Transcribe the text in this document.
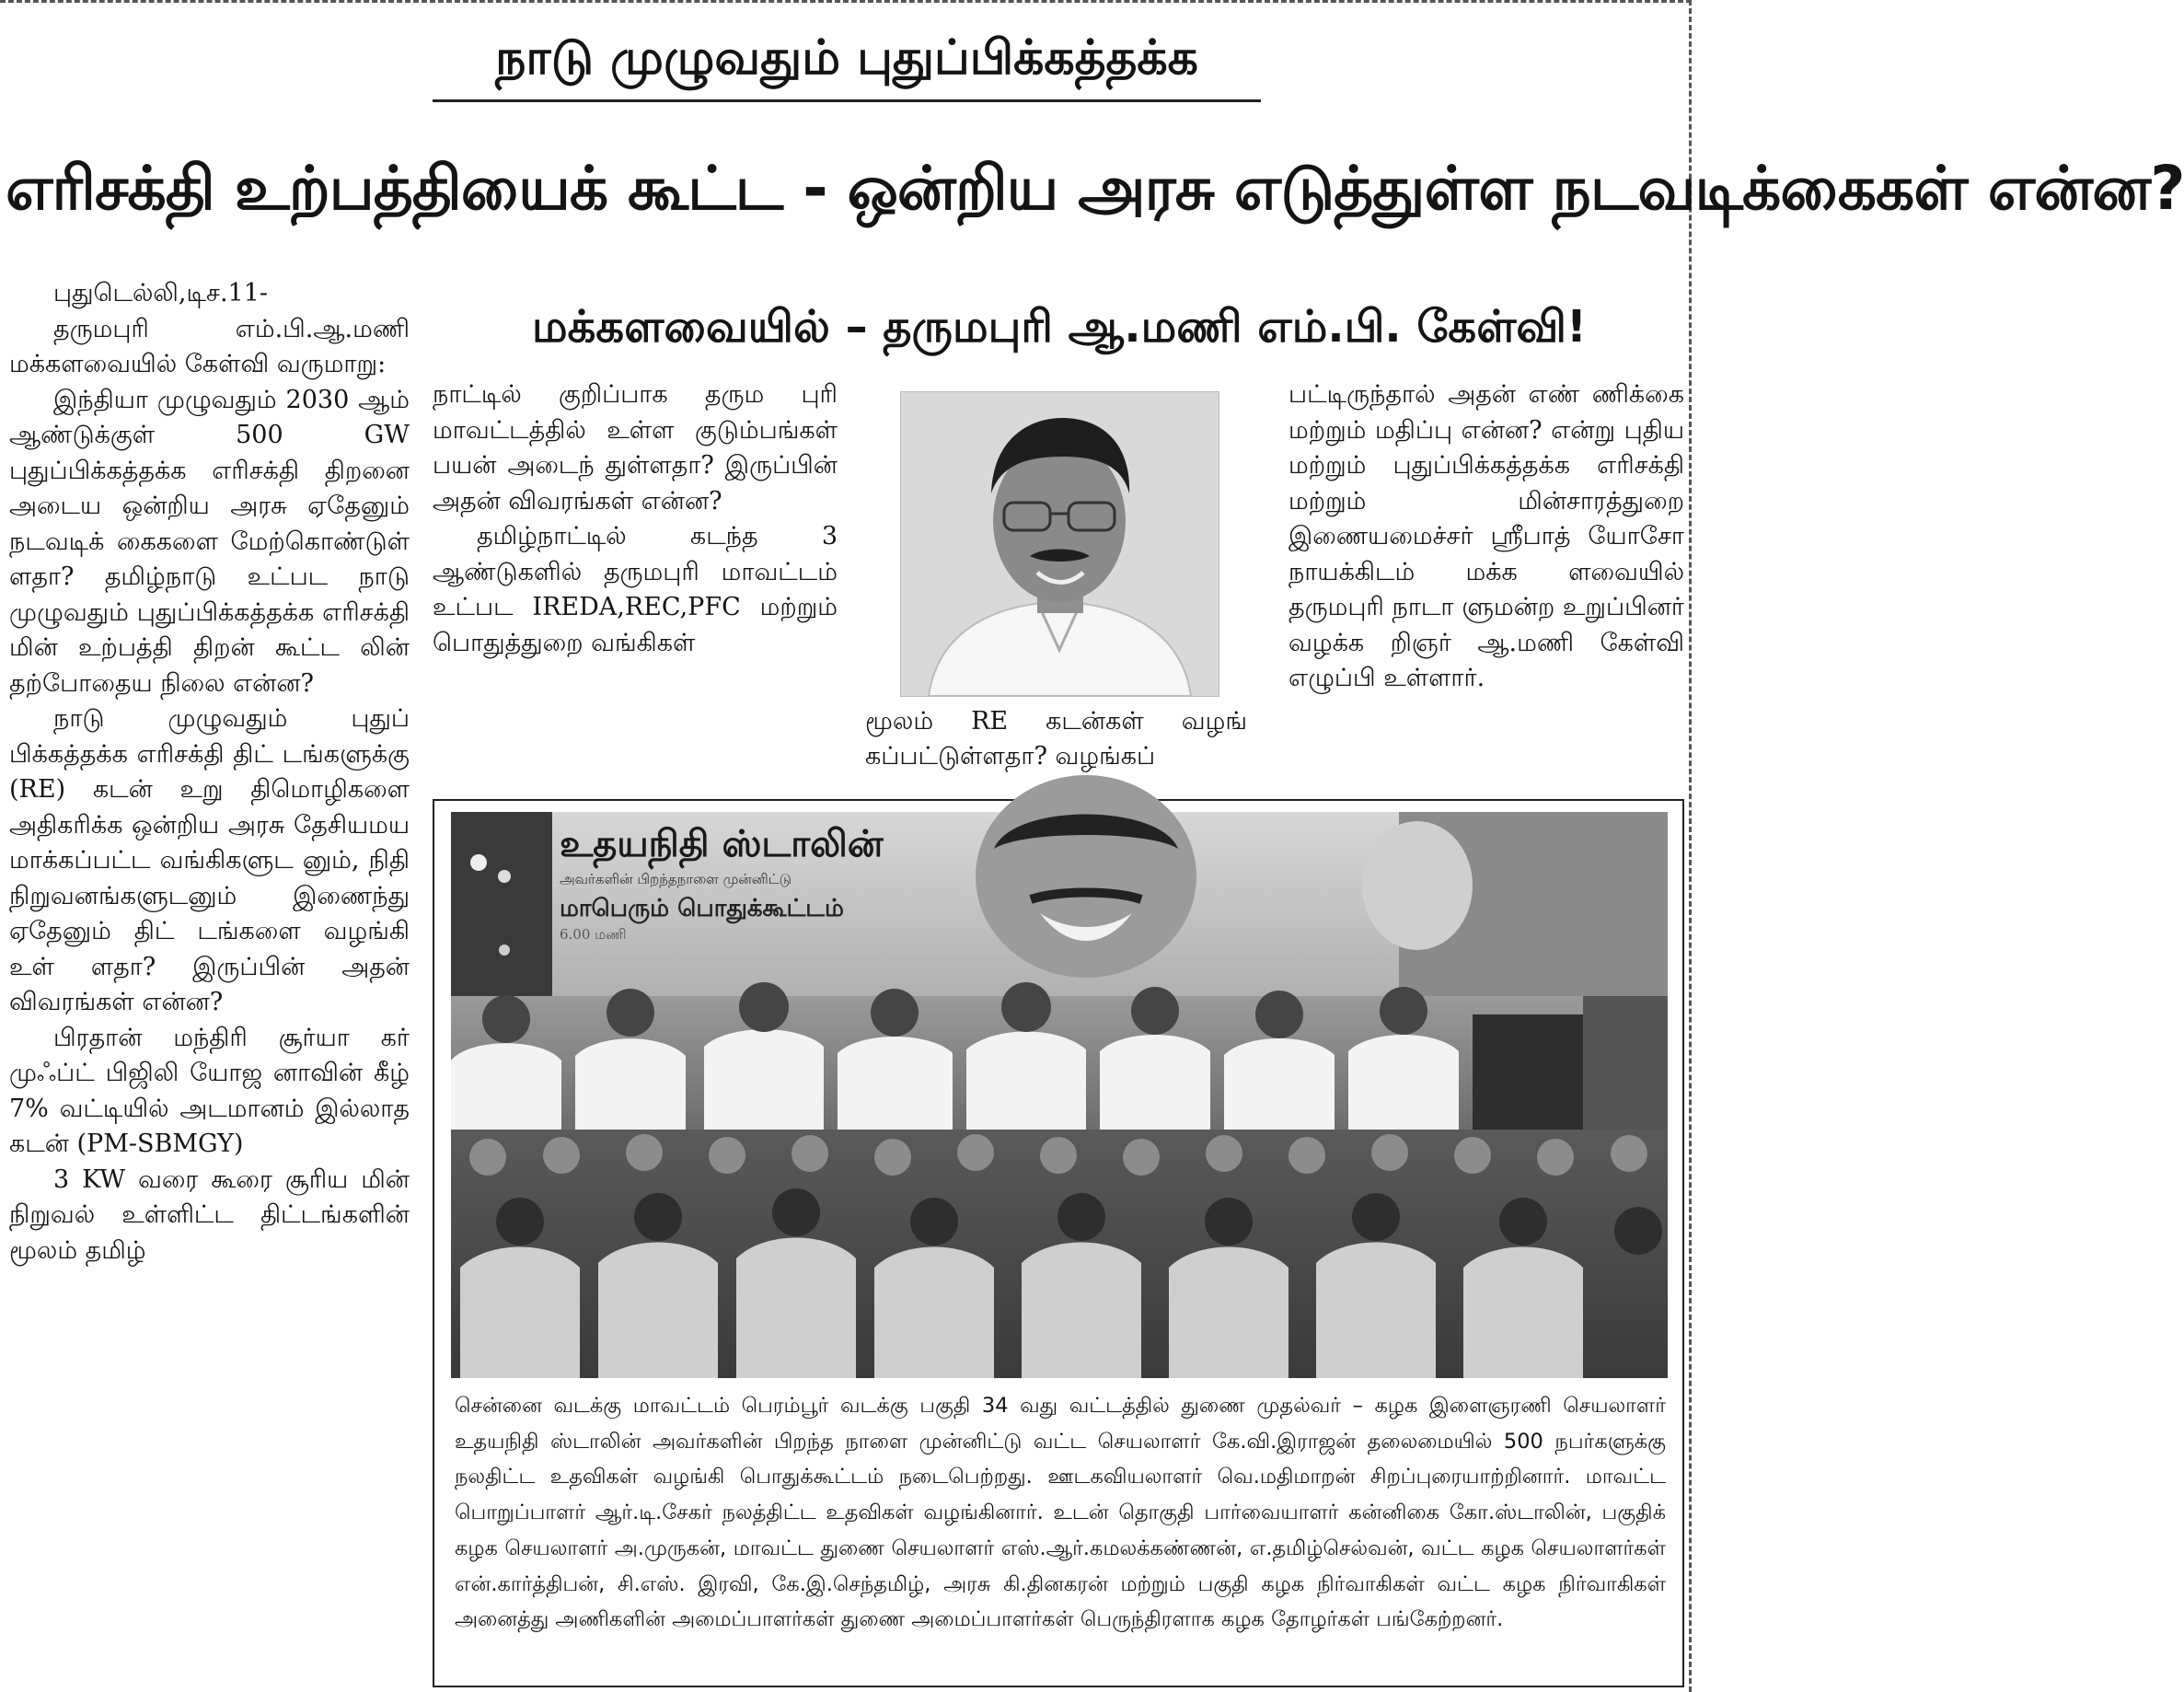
நாடு முழுவதும் புதுப்பிக்கத்தக்க
எரிசக்தி உற்பத்தியைக் கூட்ட - ஒன்றிய அரசு எடுத்துள்ள நடவடிக்கைகள் என்ன?
மக்களவையில் – தருமபுரி ஆ.மணி எம்.பி. கேள்வி!

புதுடெல்லி,டிச.11-

தருமபுரி எம்.பி.ஆ.மணி மக்களவையில் கேள்வி வருமாறு:

இந்தியா முழுவதும் 2030 ஆம் ஆண்டுக்குள் 500 GW புதுப்பிக்கத்தக்க எரிசக்தி திறனை அடைய ஒன்றிய அரசு ஏதேனும் நடவடிக் கைகளை மேற்கொண்டுள் ளதா? தமிழ்நாடு உட்பட நாடு முழுவதும் புதுப்பிக்கத்தக்க எரிசக்தி மின் உற்பத்தி திறன் கூட்ட லின் தற்போதைய நிலை என்ன?

நாடு முழுவதும் புதுப் பிக்கத்தக்க எரிசக்தி திட் டங்களுக்கு (RE) கடன் உறு திமொழிகளை அதிகரிக்க ஒன்றிய அரசு தேசியமய மாக்கப்பட்ட வங்கிகளுட னும், நிதி நிறுவனங்களுடனும் இணைந்து ஏதேனும் திட் டங்களை வழங்கி உள் ளதா? இருப்பின் அதன் விவரங்கள் என்ன?

பிரதான் மந்திரி சூர்யா கர் முஃப்ட் பிஜிலி யோஜ னாவின் கீழ் 7% வட்டியில் அடமானம் இல்லாத கடன் (PM-SBMGY)

3 KW வரை கூரை சூரிய மின் நிறுவல் உள்ளிட்ட திட்டங்களின் மூலம் தமிழ்

நாட்டில் குறிப்பாக தரும புரி மாவட்டத்தில் உள்ள குடும்பங்கள் பயன் அடைந் துள்ளதா? இருப்பின் அதன் விவரங்கள் என்ன?

தமிழ்நாட்டில் கடந்த 3 ஆண்டுகளில் தருமபுரி மாவட்டம் உட்பட IREDA,REC,PFC மற்றும் பொதுத்துறை வங்கிகள்

மூலம் RE கடன்கள் வழங் கப்பட்டுள்ளதா? வழங்கப்

பட்டிருந்தால் அதன் எண் ணிக்கை மற்றும் மதிப்பு என்ன? என்று புதிய மற்றும் புதுப்பிக்கத்தக்க எரிசக்தி மற்றும் மின்சாரத்துறை இணையமைச்சர் ஸ்ரீபாத் யோசோ நாயக்கிடம் மக்க ளவையில் தருமபுரி நாடா ளுமன்ற உறுப்பினர் வழக்க றிஞர் ஆ.மணி கேள்வி எழுப்பி உள்ளார்.

உதயநிதி ஸ்டாலின்
அவர்களின் பிறந்தநாளை முன்னிட்டு
மாபெரும் பொதுக்கூட்டம்
6.00 மணி

சென்னை வடக்கு மாவட்டம் பெரம்பூர் வடக்கு பகுதி 34 வது வட்டத்தில் துணை முதல்வர் – கழக இளைஞரணி செயலாளர் உதயநிதி ஸ்டாலின் அவர்களின் பிறந்த நாளை முன்னிட்டு வட்ட செயலாளர் கே.வி.இராஜன் தலைமையில் 500 நபர்களுக்கு நலதிட்ட உதவிகள் வழங்கி பொதுக்கூட்டம் நடைபெற்றது. ஊடகவியலாளர் வெ.மதிமாறன் சிறப்புரையாற்றினார். மாவட்ட பொறுப்பாளர் ஆர்.டி.சேகர் நலத்திட்ட உதவிகள் வழங்கினார். உடன் தொகுதி பார்வையாளர் கன்னிகை கோ.ஸ்டாலின், பகுதிக் கழக செயலாளர் அ.முருகன், மாவட்ட துணை செயலாளர் எஸ்.ஆர்.கமலக்கண்ணன், எ.தமிழ்செல்வன், வட்ட கழக செயலாளர்கள் என்.கார்த்திபன், சி.எஸ். இரவி, கே.இ.செந்தமிழ், அரசு கி.தினகரன் மற்றும் பகுதி கழக நிர்வாகிகள் வட்ட கழக நிர்வாகிகள் அனைத்து அணிகளின் அமைப்பாளர்கள் துணை அமைப்பாளர்கள் பெருந்திரளாக கழக தோழர்கள் பங்கேற்றனர்.
